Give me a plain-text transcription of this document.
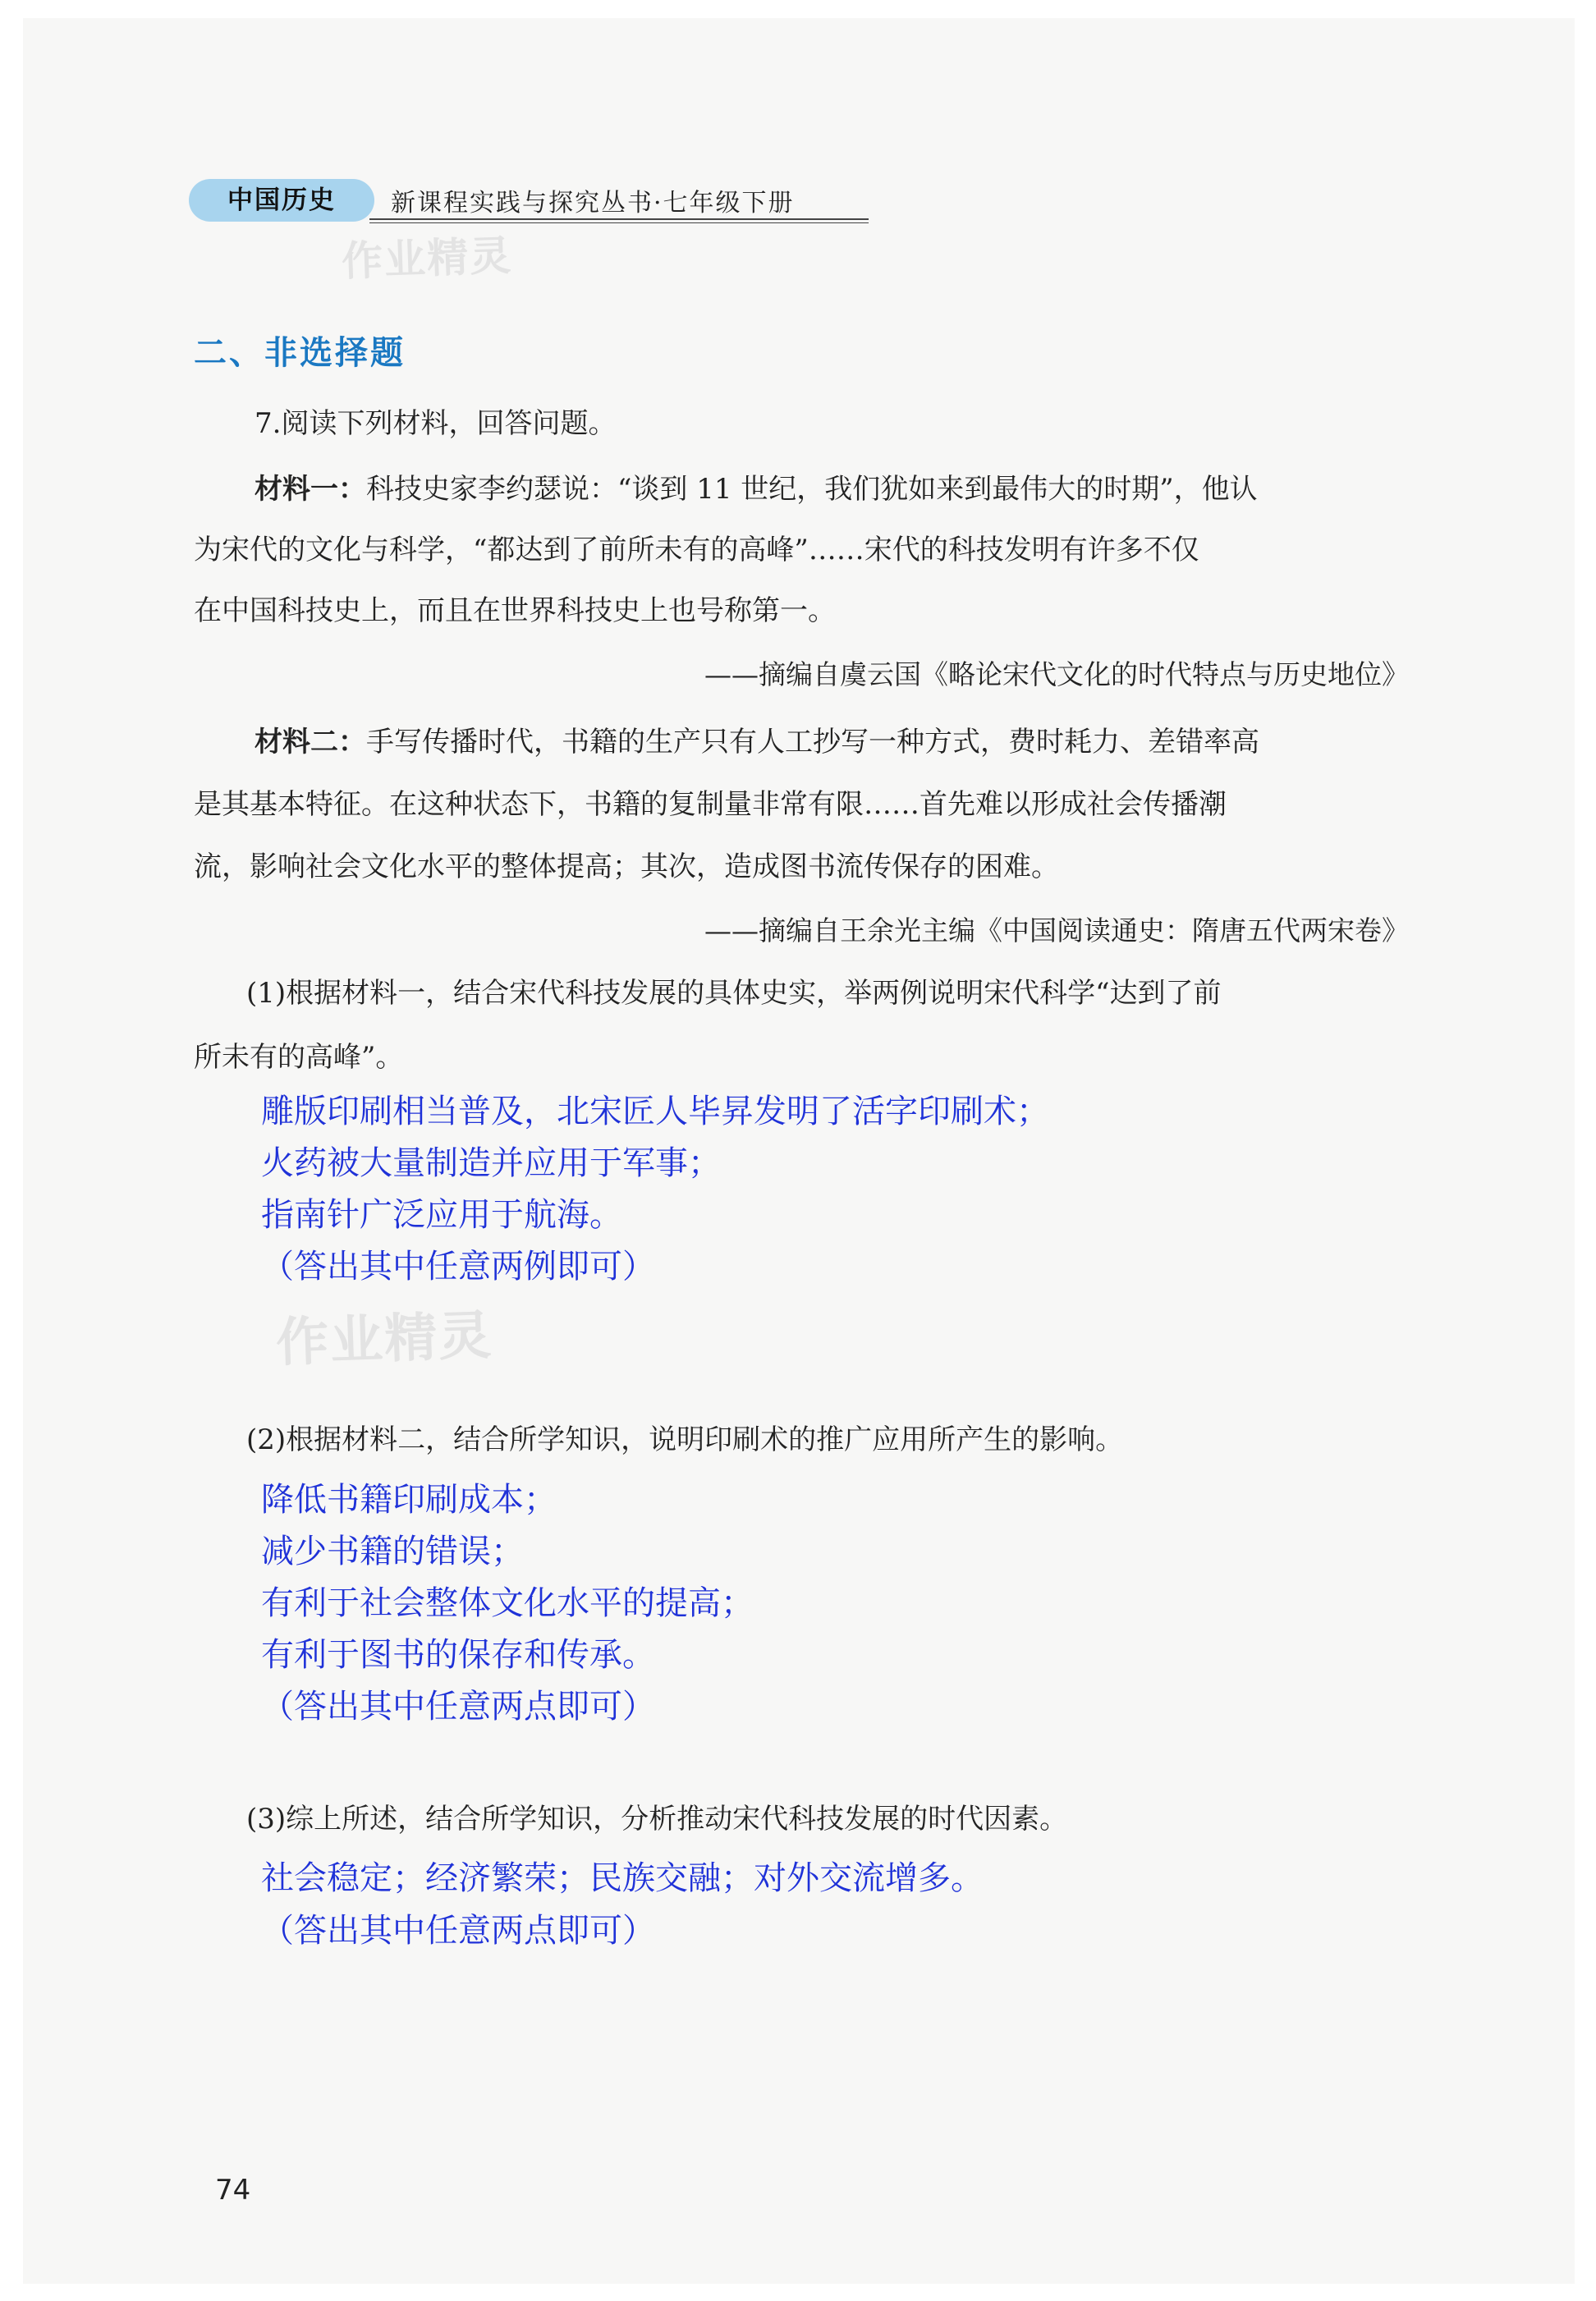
中国历史	新课程实践与探究丛书·七年级下册
作业精灵
作业精灵
二、非选择题
7.阅读下列材料，回答问题。
材料一：科技史家李约瑟说：“谈到 11 世纪，我们犹如来到最伟大的时期”，他认
为宋代的文化与科学，“都达到了前所未有的高峰”……宋代的科技发明有许多不仅
在中国科技史上，而且在世界科技史上也号称第一。
——摘编自虞云国《略论宋代文化的时代特点与历史地位》
材料二：手写传播时代，书籍的生产只有人工抄写一种方式，费时耗力、差错率高
是其基本特征。在这种状态下，书籍的复制量非常有限……首先难以形成社会传播潮
流，影响社会文化水平的整体提高；其次，造成图书流传保存的困难。
——摘编自王余光主编《中国阅读通史：隋唐五代两宋卷》
(1)根据材料一，结合宋代科技发展的具体史实，举两例说明宋代科学“达到了前
所未有的高峰”。
雕版印刷相当普及，北宋匠人毕昇发明了活字印刷术；
火药被大量制造并应用于军事；
指南针广泛应用于航海。
（答出其中任意两例即可）
(2)根据材料二，结合所学知识，说明印刷术的推广应用所产生的影响。
降低书籍印刷成本；
减少书籍的错误；
有利于社会整体文化水平的提高；
有利于图书的保存和传承。
（答出其中任意两点即可）
(3)综上所述，结合所学知识，分析推动宋代科技发展的时代因素。
社会稳定；经济繁荣；民族交融；对外交流增多。
（答出其中任意两点即可）
74
